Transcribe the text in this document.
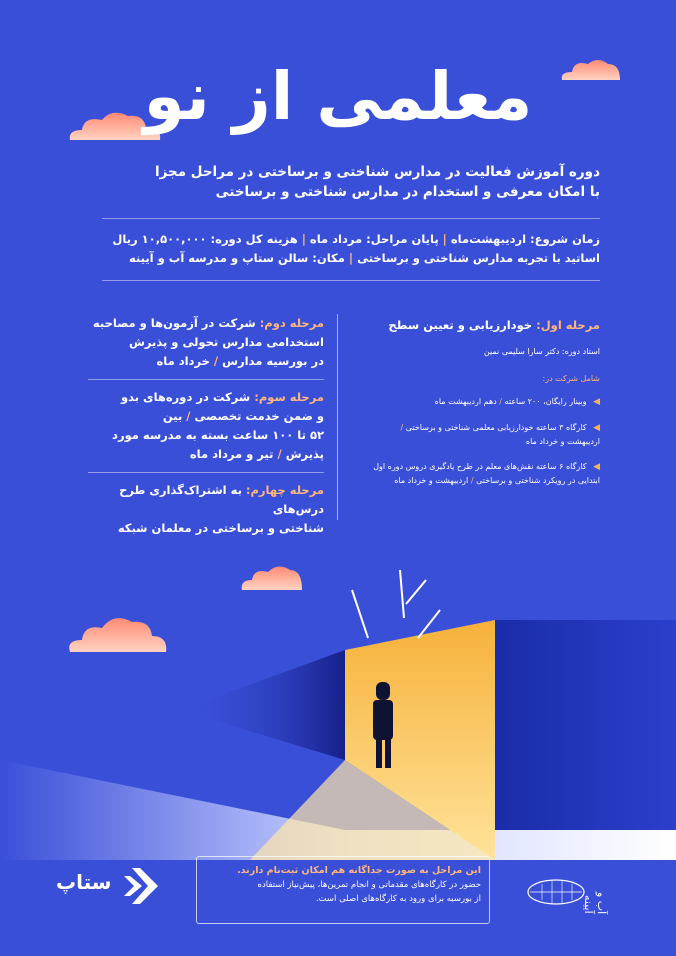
معلمی از نو
دوره آموزش فعالیت در مدارس شناختی و برساختی در مراحل مجزا
با امکان معرفی و استخدام در مدارس شناختی و برساختی
زمان شروع: اردیبهشت‌ماه | پایان مراحل: مرداد ماه | هزینه کل دوره: ۱۰,۵۰۰,۰۰۰ ریال
اساتید با تجربه مدارس شناختی و برساختی | مکان: سالن ستاپ و مدرسه آب و آیینه
مرحله اول: خودارزیابی و تعیین سطح
استاد دوره: دکتر سارا سلیمی نمین
شامل شرکت در:
◀ وبینار رایگان، ۲۰۰ ساعته / دهم اردیبهشت ماه
◀ کارگاه ۳ ساعته خودارزیابی معلمی شناختی و برساختی / اردیبهشت و خرداد ماه
◀ کارگاه ۶ ساعته نقش‌های معلم در طرح یادگیری دروس دوره اول ابتدایی در رویکرد شناختی و برساختی / اردیبهشت و خرداد ماه
مرحله دوم: شرکت در آزمون‌ها و مصاحبه
استخدامی مدارس تحولی و پذیرش
در بورسیه مدارس / خرداد ماه
مرحله سوم: شرکت در دوره‌های بدو
و ضمن خدمت تخصصی / بین
۵۲ تا ۱۰۰ ساعت بسته به مدرسه مورد
پذیرش / تیر و مرداد ماه
مرحله چهارم: به اشتراک‌گذاری طرح درس‌های
شناختی و برساختی در معلمان شبکه
این مراحل به صورت جداگانه هم امکان ثبت‌نام دارند.
حضور در کارگاه‌های مقدماتی و انجام تمرین‌ها، پیش‌نیاز استفاده
از بورسیه برای ورود به کارگاه‌های اصلی است.
ستاپ
آب و آیینه
